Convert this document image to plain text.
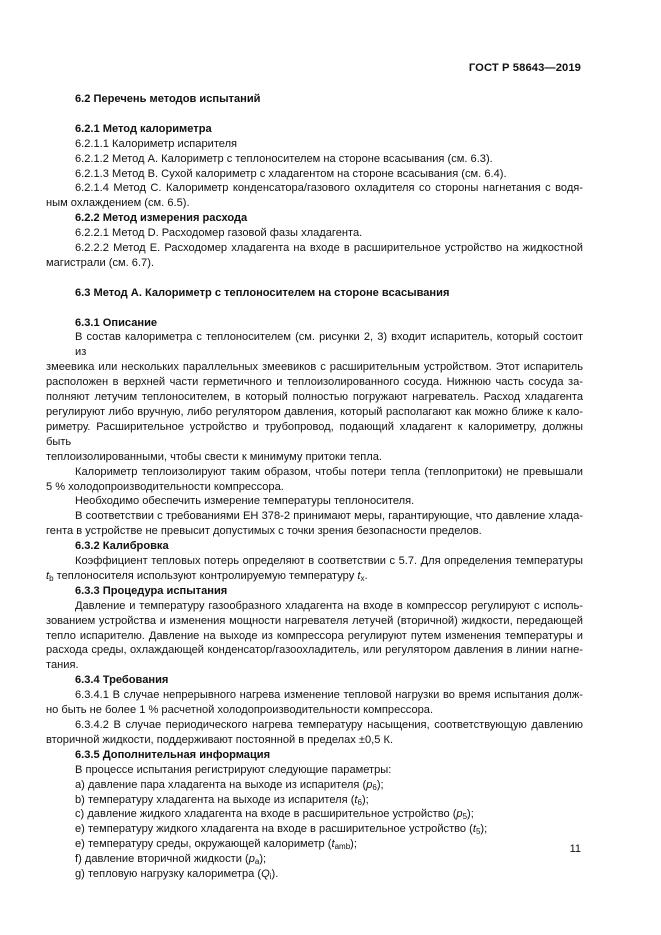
ГОСТ Р 58643—2019
6.2 Перечень методов испытаний
6.2.1 Метод калориметра
6.2.1.1 Калориметр испарителя
6.2.1.2 Метод А. Калориметр с теплоносителем на стороне всасывания (см. 6.3).
6.2.1.3 Метод В. Сухой калориметр с хладагентом на стороне всасывания (см. 6.4).
6.2.1.4 Метод С. Калориметр конденсатора/газового охладителя со стороны нагнетания с водя-
ным охлаждением (см. 6.5).
6.2.2 Метод измерения расхода
6.2.2.1 Метод D. Расходомер газовой фазы хладагента.
6.2.2.2 Метод Е. Расходомер хладагента на входе в расширительное устройство на жидкостной
магистрали (см. 6.7).
6.3 Метод А. Калориметр с теплоносителем на стороне всасывания
6.3.1 Описание
В состав калориметра с теплоносителем (см. рисунки 2, 3) входит испаритель, который состоит из
змеевика или нескольких параллельных змеевиков с расширительным устройством. Этот испаритель
расположен в верхней части герметичного и теплоизолированного сосуда. Нижнюю часть сосуда за-
полняют летучим теплоносителем, в который полностью погружают нагреватель. Расход хладагента
регулируют либо вручную, либо регулятором давления, который располагают как можно ближе к кало-
риметру. Расширительное устройство и трубопровод, подающий хладагент к калориметру, должны быть
теплоизолированными, чтобы свести к минимуму притоки тепла.
Калориметр теплоизолируют таким образом, чтобы потери тепла (теплопритоки) не превышали
5 % холодопроизводительности компрессора.
Необходимо обеспечить измерение температуры теплоносителя.
В соответствии с требованиями ЕН 378-2 принимают меры, гарантирующие, что давление хлада-
гента в устройстве не превысит допустимых с точки зрения безопасности пределов.
6.3.2 Калибровка
Коэффициент тепловых потерь определяют в соответствии с 5.7. Для определения температуры
$t_b$ теплоносителя используют контролируемую температуру $t_x$.
6.3.3 Процедура испытания
Давление и температуру газообразного хладагента на входе в компрессор регулируют с исполь-
зованием устройства и изменения мощности нагревателя летучей (вторичной) жидкости, передающей
тепло испарителю. Давление на выходе из компрессора регулируют путем изменения температуры и
расхода среды, охлаждающей конденсатор/газоохладитель, или регулятором давления в линии нагне-
тания.
6.3.4 Требования
6.3.4.1 В случае непрерывного нагрева изменение тепловой нагрузки во время испытания долж-
но быть не более 1 % расчетной холодопроизводительности компрессора.
6.3.4.2 В случае периодического нагрева температуру насыщения, соответствующую давлению
вторичной жидкости, поддерживают постоянной в пределах ±0,5 К.
6.3.5 Дополнительная информация
В процессе испытания регистрируют следующие параметры:
a) давление пара хладагента на выходе из испарителя $(p_6)$;
b) температуру хладагента на выходе из испарителя $(t_6)$;
c) давление жидкого хладагента на входе в расширительное устройство $(p_5)$;
e) температуру жидкого хладагента на входе в расширительное устройство $(t_5)$;
e) температуру среды, окружающей калориметр $(t_{amb})$;
f) давление вторичной жидкости $(p_a)$;
g) тепловую нагрузку калориметра $(Q_i)$.
11
